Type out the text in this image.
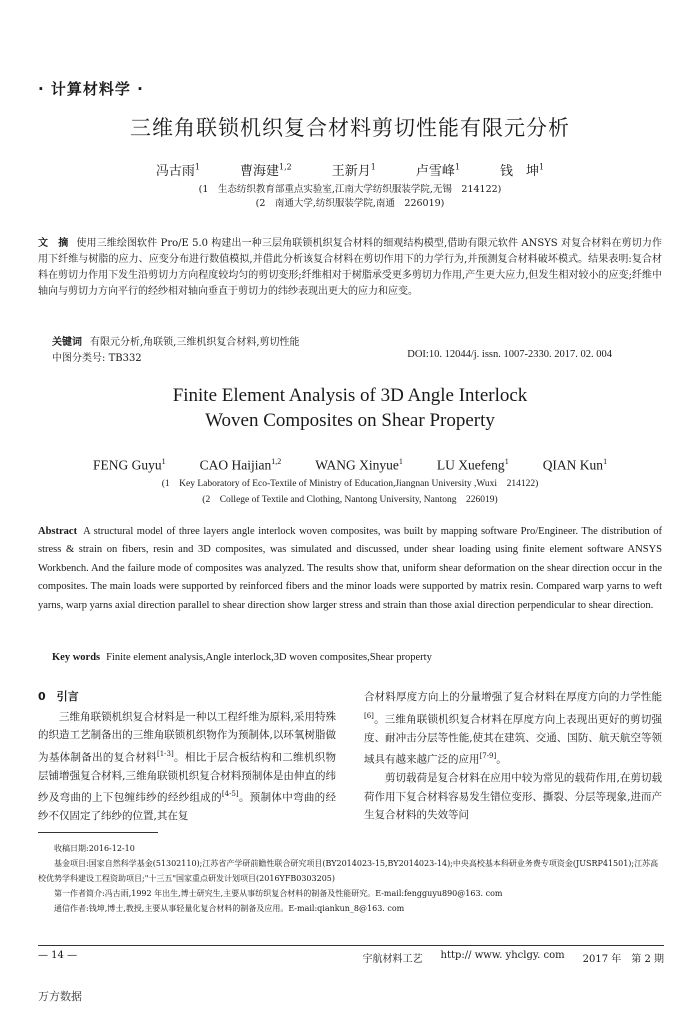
· 计算材料学 ·
三维角联锁机织复合材料剪切性能有限元分析
冯古雨$^1$	曹海建$^{1,2}$	王新月$^1$	卢雪峰$^1$	钱　坤$^1$
(1　生态纺织教育部重点实验室,江南大学纺织服装学院,无锡　214122)
(2　南通大学,纺织服装学院,南通　226019)
文　摘 使用三维绘图软件 Pro/E 5.0 构建出一种三层角联锁机织复合材料的细观结构模型,借助有限元软件 ANSYS 对复合材料在剪切力作用下纤维与树脂的应力、应变分布进行数值模拟,并借此分析该复合材料在剪切作用下的力学行为,并预测复合材料破坏模式。结果表明:复合材料在剪切力作用下发生沿剪切力方向程度较均匀的剪切变形;纤维相对于树脂承受更多剪切力作用,产生更大应力,但发生相对较小的应变;纤维中轴向与剪切力方向平行的经纱相对轴向垂直于剪切力的纬纱表现出更大的应力和应变。
关键词 有限元分析,角联锁,三维机织复合材料,剪切性能
中图分类号: TB332	DOI:10. 12044/j. issn. 1007-2330. 2017. 02. 004
Finite Element Analysis of 3D Angle Interlock
Woven Composites on Shear Property
FENG Guyu$^1$	CAO Haijian$^{1,2}$	WANG Xinyue$^1$	LU Xuefeng$^1$	QIAN Kun$^1$
(1　Key Laboratory of Eco-Textile of Ministry of Education,Jiangnan University ,Wuxi　214122)
(2　College of Textile and Clothing, Nantong University, Nantong　226019)
Abstract A structural model of three layers angle interlock woven composites, was built by mapping software Pro/Engineer. The distribution of stress & strain on fibers, resin and 3D composites, was simulated and discussed, under shear loading using finite element software ANSYS Workbench. And the failure mode of composites was analyzed. The results show that, uniform shear deformation on the shear direction occur in the composites. The main loads were supported by reinforced fibers and the minor loads were supported by matrix resin. Compared warp yarns to weft yarns, warp yarns axial direction parallel to shear direction show larger stress and strain than those axial direction perpendicular to shear direction.
Key words Finite element analysis,Angle interlock,3D woven composites,Shear property
0　引言

三维角联锁机织复合材料是一种以工程纤维为原料,采用特殊的织造工艺制备出的三维角联锁机织物作为预制体,以环氧树脂做为基体制备出的复合材料[1-3]。相比于层合板结构和二维机织物层铺增强复合材料,三维角联锁机织复合材料预制体是由伸直的纬纱及弯曲的上下包缠纬纱的经纱组成的[4-5]。预制体中弯曲的经纱不仅固定了纬纱的位置,其在复

合材料厚度方向上的分量增强了复合材料在厚度方向的力学性能[6]。三维角联锁机织复合材料在厚度方向上表现出更好的剪切强度、耐冲击分层等性能,使其在建筑、交通、国防、航天航空等领域具有越来越广泛的应用[7-9]。

剪切载荷是复合材料在应用中较为常见的载荷作用,在剪切载荷作用下复合材料容易发生错位变形、撕裂、分层等现象,进而产生复合材料的失效等问

收稿日期:2016-12-10

基金项目:国家自然科学基金(51302110);江苏省产学研前瞻性联合研究项目(BY2014023-15,BY2014023-14);中央高校基本科研业务费专项资金(JUSRP41501);江苏高校优势学科建设工程资助项目;"十三五"国家重点研发计划项目(2016YFB0303205)

第一作者简介:冯古雨,1992 年出生,博士研究生,主要从事纺织复合材料的制备及性能研究。E-mail:fengguyu890@163. com

通信作者:钱坤,博士,教授,主要从事轻量化复合材料的制备及应用。E-mail:qiankun_8@163. com

— 14 —	宇航材料工艺 http:// www. yhclgy. com 2017 年　第 2 期
万方数据
